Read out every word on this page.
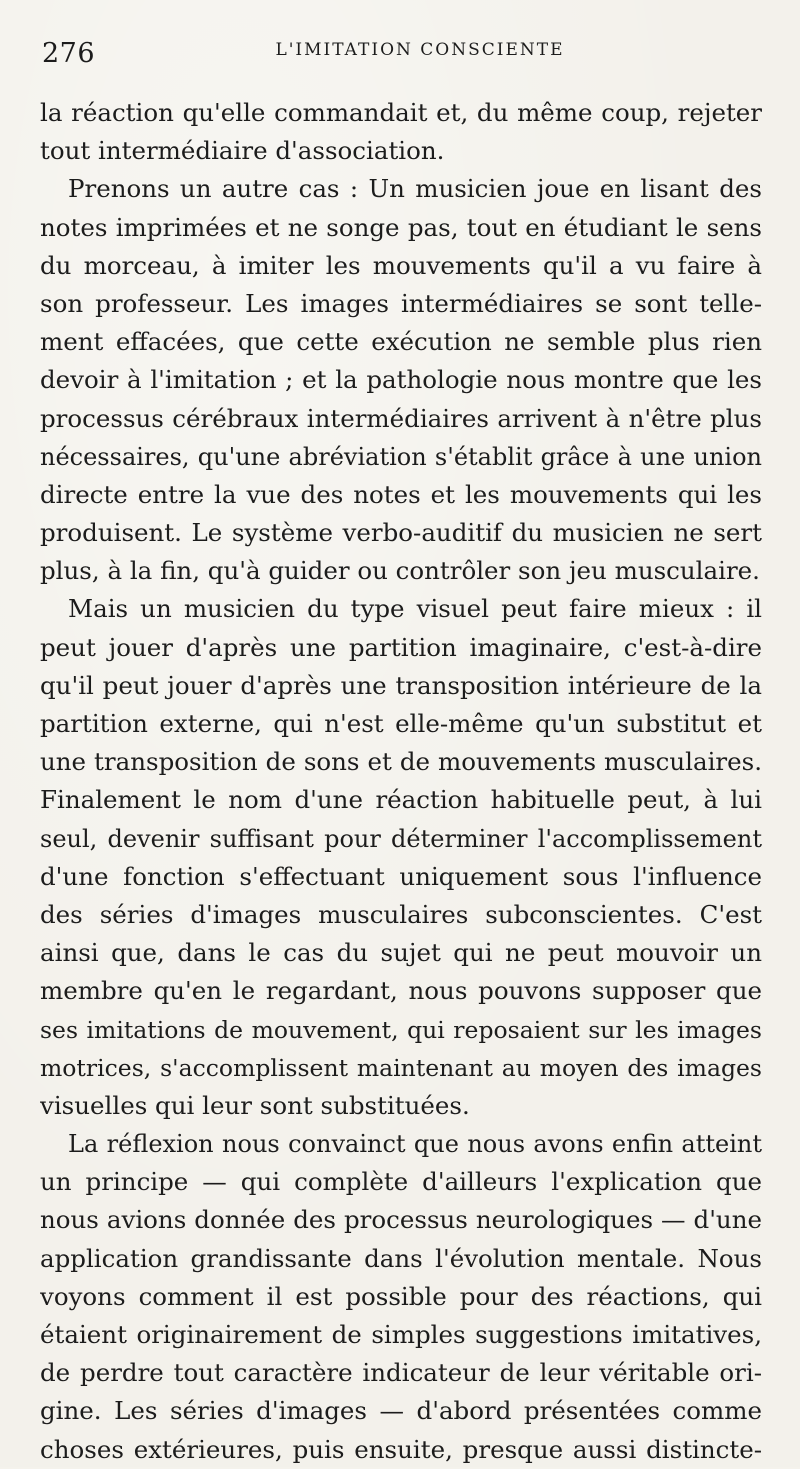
276	L'IMITATION CONSCIENTE
la réaction qu'elle commandait et, du même coup, rejeter
tout intermédiaire d'association.
Prenons un autre cas : Un musicien joue en lisant des
notes imprimées et ne songe pas, tout en étudiant le sens
du morceau, à imiter les mouvements qu'il a vu faire à
son professeur. Les images intermédiaires se sont telle-
ment effacées, que cette exécution ne semble plus rien
devoir à l'imitation ; et la pathologie nous montre que les
processus cérébraux intermédiaires arrivent à n'être plus
nécessaires, qu'une abréviation s'établit grâce à une union
directe entre la vue des notes et les mouvements qui les
produisent. Le système verbo-auditif du musicien ne sert
plus, à la fin, qu'à guider ou contrôler son jeu musculaire.
Mais un musicien du type visuel peut faire mieux : il
peut jouer d'après une partition imaginaire, c'est-à-dire
qu'il peut jouer d'après une transposition intérieure de la
partition externe, qui n'est elle-même qu'un substitut et
une transposition de sons et de mouvements musculaires.
Finalement le nom d'une réaction habituelle peut, à lui
seul, devenir suffisant pour déterminer l'accomplissement
d'une fonction s'effectuant uniquement sous l'influence
des séries d'images musculaires subconscientes. C'est
ainsi que, dans le cas du sujet qui ne peut mouvoir un
membre qu'en le regardant, nous pouvons supposer que
ses imitations de mouvement, qui reposaient sur les images
motrices, s'accomplissent maintenant au moyen des images
visuelles qui leur sont substituées.
La réflexion nous convainct que nous avons enfin atteint
un principe — qui complète d'ailleurs l'explication que
nous avions donnée des processus neurologiques — d'une
application grandissante dans l'évolution mentale. Nous
voyons comment il est possible pour des réactions, qui
étaient originairement de simples suggestions imitatives,
de perdre tout caractère indicateur de leur véritable ori-
gine. Les séries d'images — d'abord présentées comme
choses extérieures, puis ensuite, presque aussi distincte-
